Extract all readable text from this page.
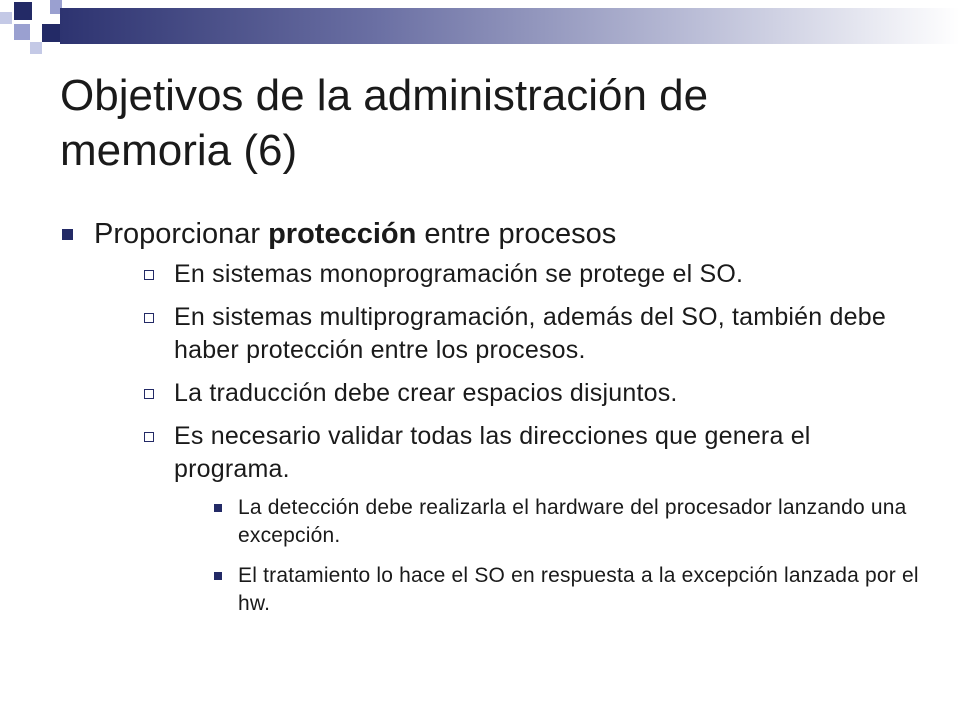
Objetivos de la administración de
memoria (6)
Proporcionar protección entre procesos
En sistemas monoprogramación se protege el SO.
En sistemas multiprogramación, además del SO, también debe haber protección entre los procesos.
La traducción debe crear espacios disjuntos.
Es necesario validar todas las direcciones que genera el programa.
La detección debe realizarla el hardware del procesador lanzando una excepción.
El tratamiento lo hace el SO en respuesta a la excepción lanzada por el hw.
